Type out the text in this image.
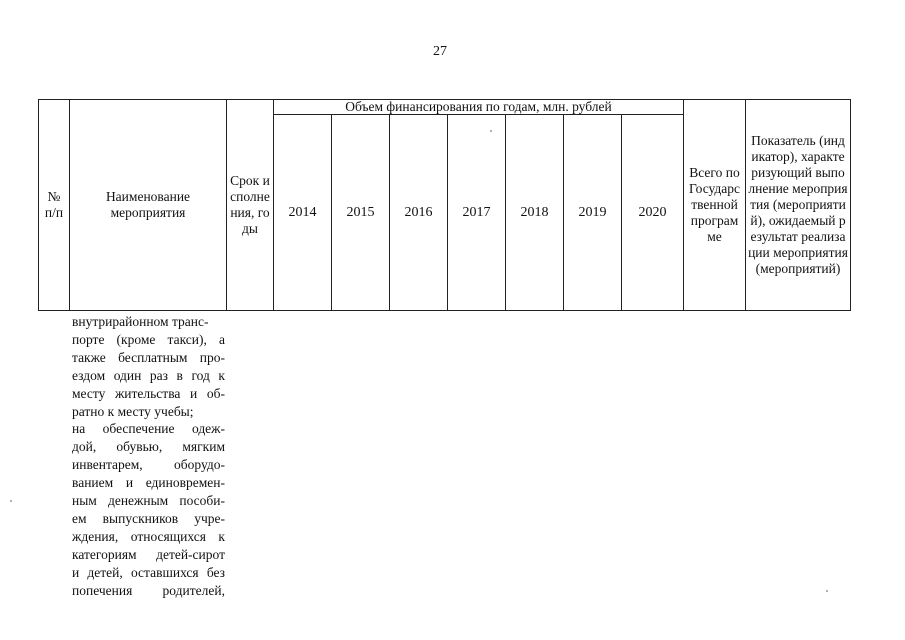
27
№ п/п	Наименование мероприятия	Срок исполнения, годы	Объем финансирования по годам, млн. рублей							Всего по Государственной программе	Показатель (индикатор), характеризующий выполнение мероприятия (мероприятий), ожидаемый результат реализации мероприятия (мероприятий)
			2014	2015	2016	2017	2018	2019	2020		
внутрирайонном транс-
порте (кроме такси), а
также бесплатным про-
ездом один раз в год к
месту жительства и об-
ратно к месту учебы;
на обеспечение одеж-
дой, обувью, мягким
инвентарем, оборудо-
ванием и единовремен-
ным денежным пособи-
ем выпускников учре-
ждения, относящихся к
категориям детей-сирот
и детей, оставшихся без
попечения родителей,
